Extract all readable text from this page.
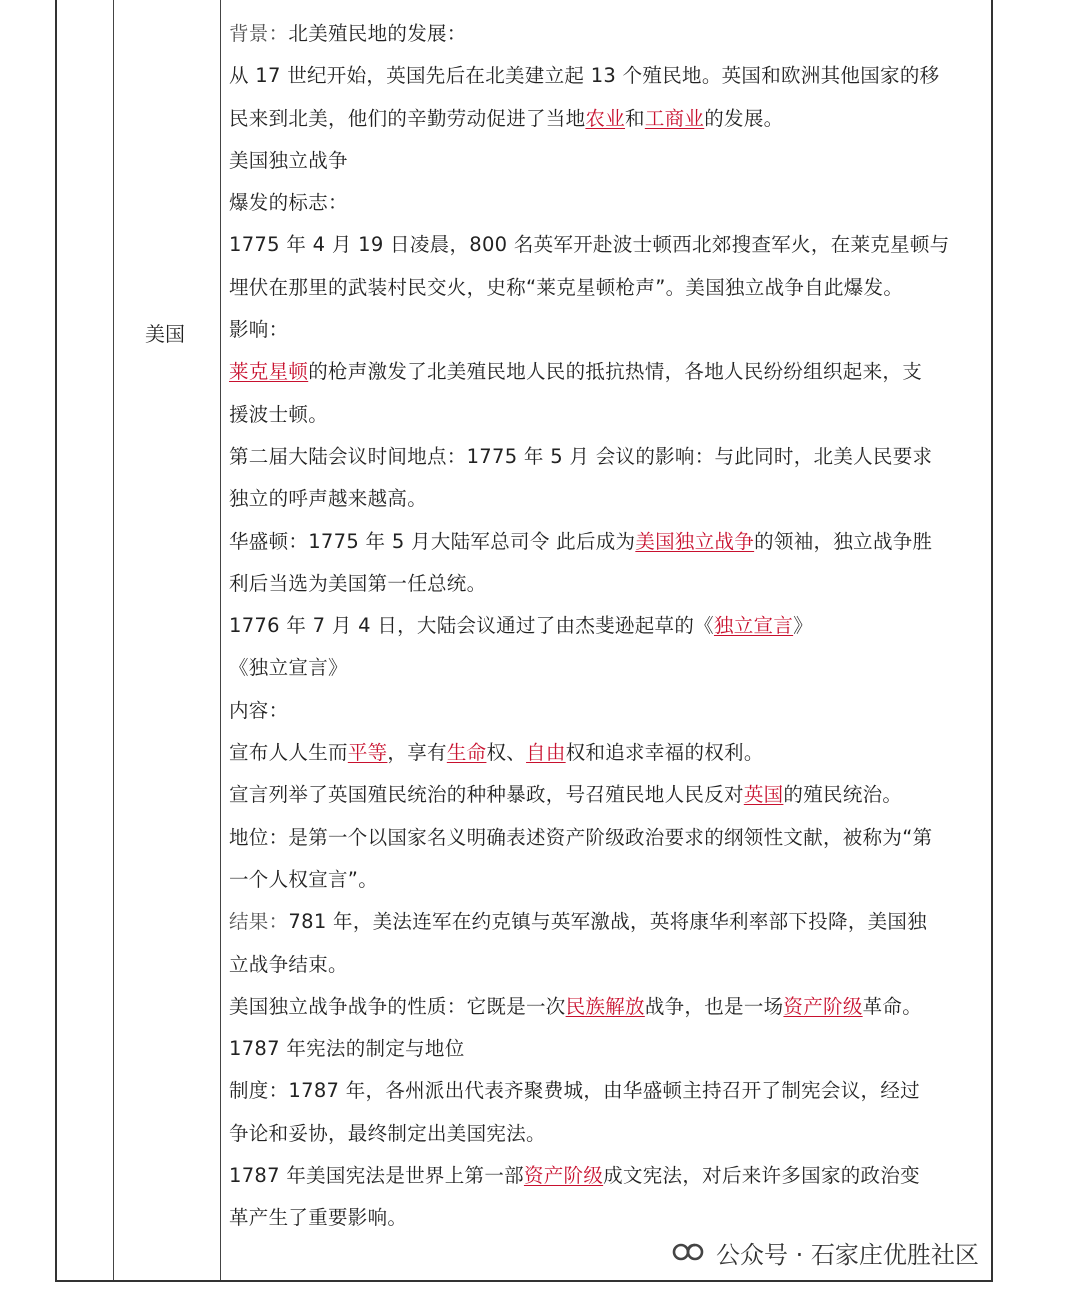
美国
背景：北美殖民地的发展：
从 17 世纪开始，英国先后在北美建立起 13 个殖民地。英国和欧洲其他国家的移
民来到北美，他们的辛勤劳动促进了当地农业和工商业的发展。
美国独立战争
爆发的标志：
1775 年 4 月 19 日凌晨，800 名英军开赴波士顿西北郊搜查军火，在莱克星顿与
埋伏在那里的武装村民交火，史称“莱克星顿枪声”。美国独立战争自此爆发。
影响：
莱克星顿的枪声激发了北美殖民地人民的抵抗热情，各地人民纷纷组织起来，支
援波士顿。
第二届大陆会议时间地点：1775 年 5 月 会议的影响：与此同时，北美人民要求
独立的呼声越来越高。
华盛顿：1775 年 5 月大陆军总司令 此后成为美国独立战争的领袖，独立战争胜
利后当选为美国第一任总统。
1776 年 7 月 4 日，大陆会议通过了由杰斐逊起草的《独立宣言》
《独立宣言》
内容：
宣布人人生而平等，享有生命权、自由权和追求幸福的权利。
宣言列举了英国殖民统治的种种暴政，号召殖民地人民反对英国的殖民统治。
地位：是第一个以国家名义明确表述资产阶级政治要求的纲领性文献，被称为“第
一个人权宣言”。
结果：781 年，美法连军在约克镇与英军激战，英将康华利率部下投降，美国独
立战争结束。
美国独立战争战争的性质：它既是一次民族解放战争，也是一场资产阶级革命。
1787 年宪法的制定与地位
制度：1787 年，各州派出代表齐聚费城，由华盛顿主持召开了制宪会议，经过
争论和妥协，最终制定出美国宪法。
1787 年美国宪法是世界上第一部资产阶级成文宪法，对后来许多国家的政治变
革产生了重要影响。
公众号 · 石家庄优胜社区
